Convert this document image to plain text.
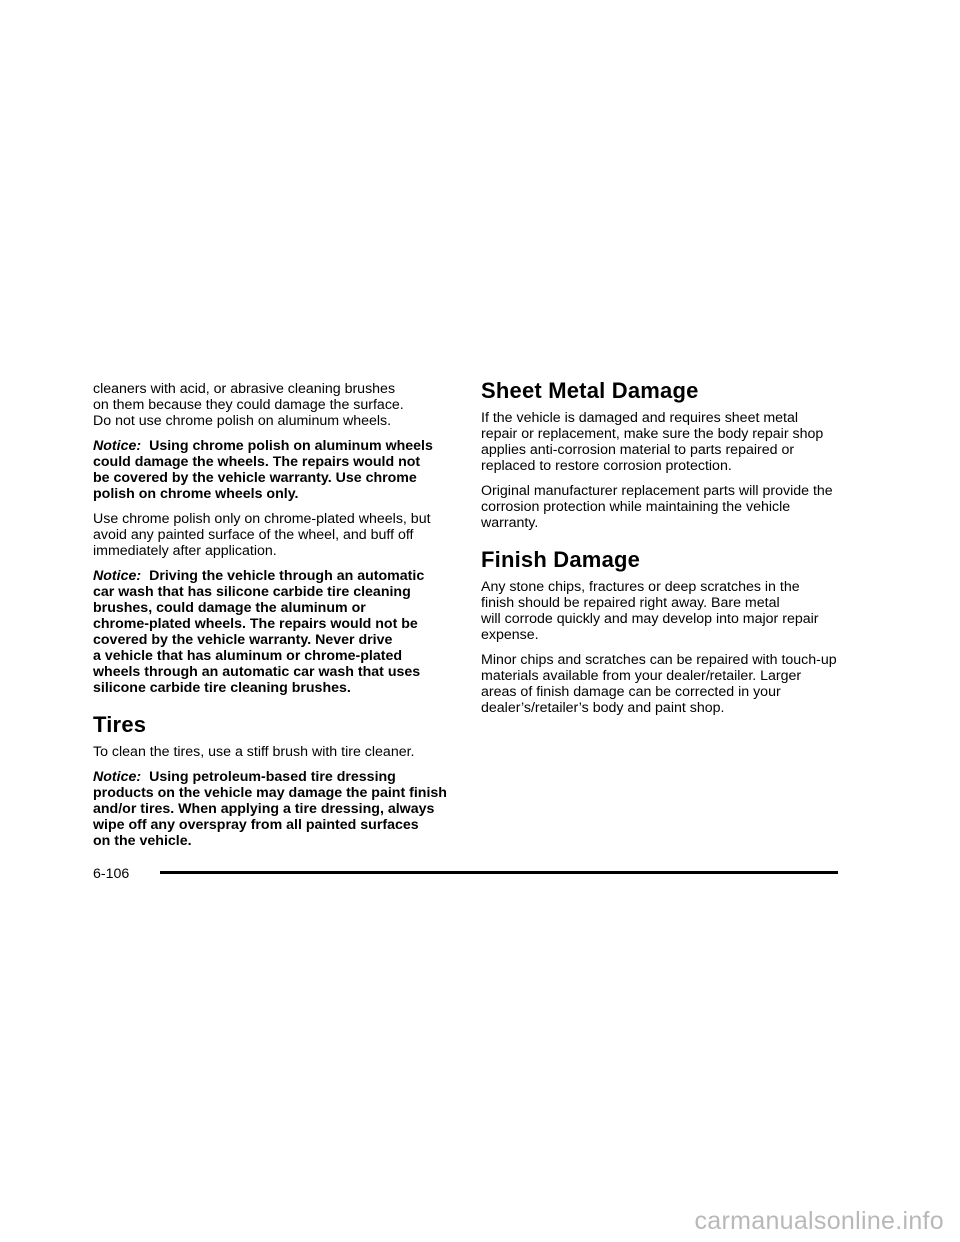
cleaners with acid, or abrasive cleaning brushes
on them because they could damage the surface.
Do not use chrome polish on aluminum wheels.

Notice: Using chrome polish on aluminum wheels
could damage the wheels. The repairs would not
be covered by the vehicle warranty. Use chrome
polish on chrome wheels only.

Use chrome polish only on chrome-plated wheels, but
avoid any painted surface of the wheel, and buff off
immediately after application.

Notice: Driving the vehicle through an automatic
car wash that has silicone carbide tire cleaning
brushes, could damage the aluminum or
chrome-plated wheels. The repairs would not be
covered by the vehicle warranty. Never drive
a vehicle that has aluminum or chrome-plated
wheels through an automatic car wash that uses
silicone carbide tire cleaning brushes.

Tires

To clean the tires, use a stiff brush with tire cleaner.

Notice: Using petroleum-based tire dressing
products on the vehicle may damage the paint finish
and/or tires. When applying a tire dressing, always
wipe off any overspray from all painted surfaces
on the vehicle.

Sheet Metal Damage

If the vehicle is damaged and requires sheet metal
repair or replacement, make sure the body repair shop
applies anti-corrosion material to parts repaired or
replaced to restore corrosion protection.

Original manufacturer replacement parts will provide the
corrosion protection while maintaining the vehicle
warranty.

Finish Damage

Any stone chips, fractures or deep scratches in the
finish should be repaired right away. Bare metal
will corrode quickly and may develop into major repair
expense.

Minor chips and scratches can be repaired with touch-up
materials available from your dealer/retailer. Larger
areas of finish damage can be corrected in your
dealer’s/retailer’s body and paint shop.

6-106
carmanualsonline.info
